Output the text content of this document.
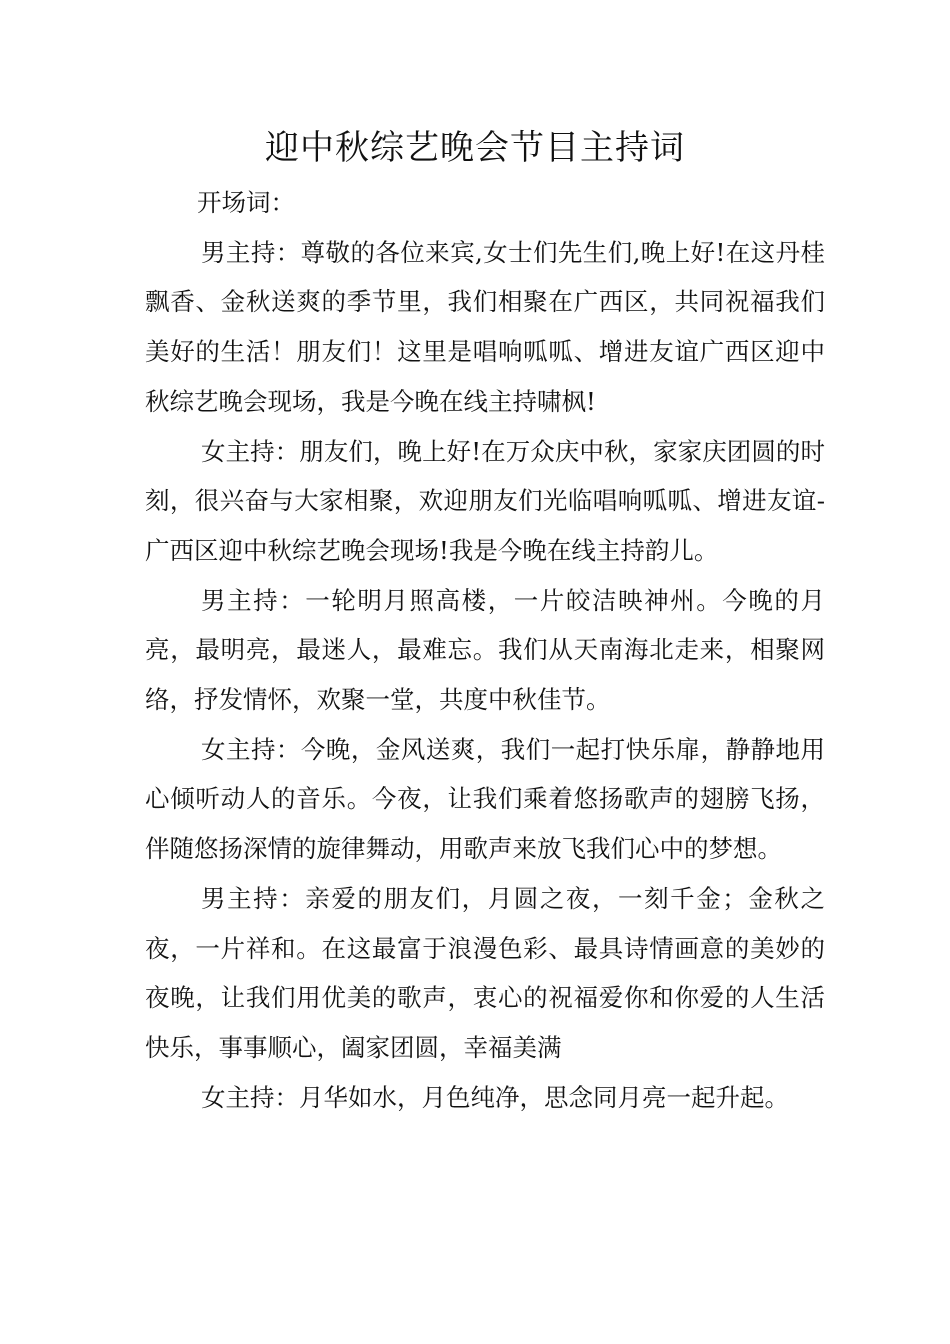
迎中秋综艺晚会节目主持词

开场词：

男主持：尊敬的各位来宾,女士们先生们,晚上好!在这丹桂飘香、金秋送爽的季节里，我们相聚在广西区，共同祝福我们美好的生活！朋友们！这里是唱响呱呱、增进友谊广西区迎中秋综艺晚会现场，我是今晚在线主持啸枫!

女主持：朋友们，晚上好!在万众庆中秋，家家庆团圆的时刻，很兴奋与大家相聚，欢迎朋友们光临唱响呱呱、增进友谊-广西区迎中秋综艺晚会现场!我是今晚在线主持韵儿。

男主持：一轮明月照高楼，一片皎洁映神州。今晚的月亮，最明亮，最迷人，最难忘。我们从天南海北走来，相聚网络，抒发情怀，欢聚一堂，共度中秋佳节。

女主持：今晚，金风送爽，我们一起打快乐扉，静静地用心倾听动人的音乐。今夜，让我们乘着悠扬歌声的翅膀飞扬，伴随悠扬深情的旋律舞动，用歌声来放飞我们心中的梦想。

男主持：亲爱的朋友们，月圆之夜，一刻千金；金秋之夜，一片祥和。在这最富于浪漫色彩、最具诗情画意的美妙的夜晚，让我们用优美的歌声，衷心的祝福爱你和你爱的人生活快乐，事事顺心，阖家团圆，幸福美满

女主持：月华如水，月色纯净，思念同月亮一起升起。
